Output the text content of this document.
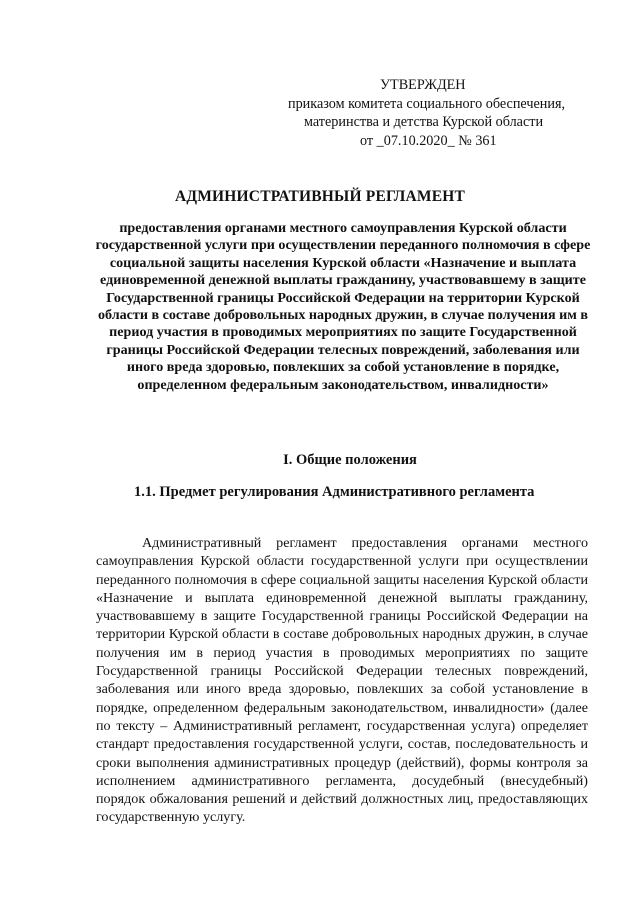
УТВЕРЖДЕН
приказом комитета социального обеспечения,
материнства и детства Курской области
от _07.10.2020_ № 361
АДМИНИСТРАТИВНЫЙ РЕГЛАМЕНТ
предоставления органами местного самоуправления Курской области государственной услуги при осуществлении переданного полномочия в сфере социальной защиты населения Курской области «Назначение и выплата единовременной денежной выплаты гражданину, участвовавшему в защите Государственной границы Российской Федерации на территории Курской области в составе добровольных народных дружин, в случае получения им в период участия в проводимых мероприятиях по защите Государственной границы Российской Федерации телесных повреждений, заболевания или иного вреда здоровью, повлекших за собой установление в порядке, определенном федеральным законодательством, инвалидности»
I. Общие положения
1.1. Предмет регулирования Административного регламента

Административный регламент предоставления органами местного самоуправления Курской области государственной услуги при осуществлении переданного полномочия в сфере социальной защиты населения Курской области «Назначение и выплата единовременной денежной выплаты гражданину, участвовавшему в защите Государственной границы Российской Федерации на территории Курской области в составе добровольных народных дружин, в случае получения им в период участия в проводимых мероприятиях по защите Государственной границы Российской Федерации телесных повреждений, заболевания или иного вреда здоровью, повлекших за собой установление в порядке, определенном федеральным законодательством, инвалидности» (далее по тексту – Административный регламент, государственная услуга) определяет стандарт предоставления государственной услуги, состав, последовательность и сроки выполнения административных процедур (действий), формы контроля за исполнением административного регламента, досудебный (внесудебный) порядок обжалования решений и действий должностных лиц, предоставляющих государственную услугу.
